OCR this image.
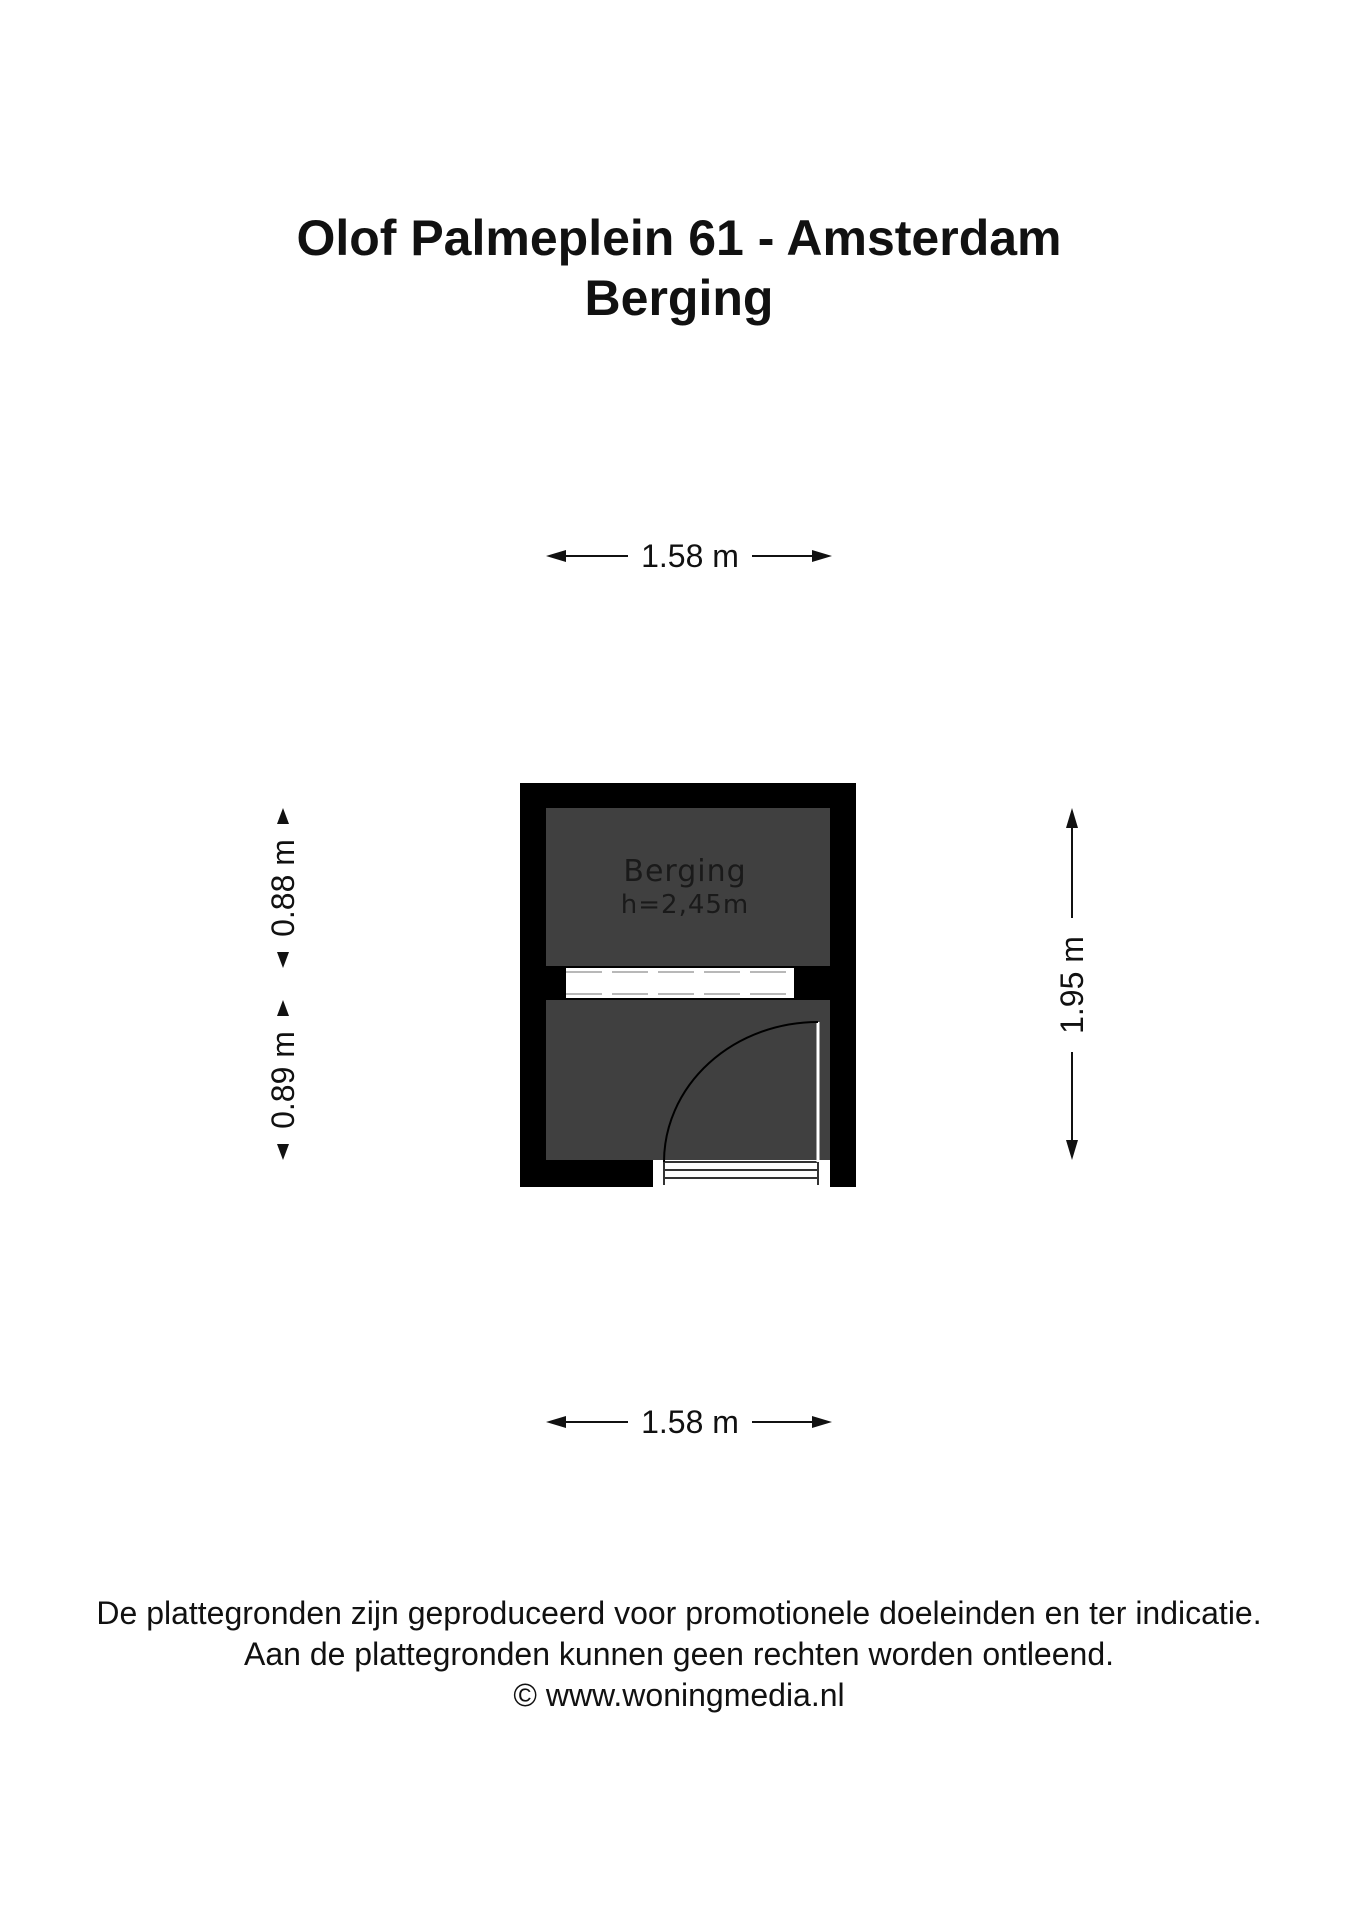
Olof Palmeplein 61 - Amsterdam
Berging
1.58 m
1.58 m
1.95 m
0.88 m
0.89 m
Berging
h=2,45m
De plattegronden zijn geproduceerd voor promotionele doeleinden en ter indicatie.
Aan de plattegronden kunnen geen rechten worden ontleend.
© www.woningmedia.nl
